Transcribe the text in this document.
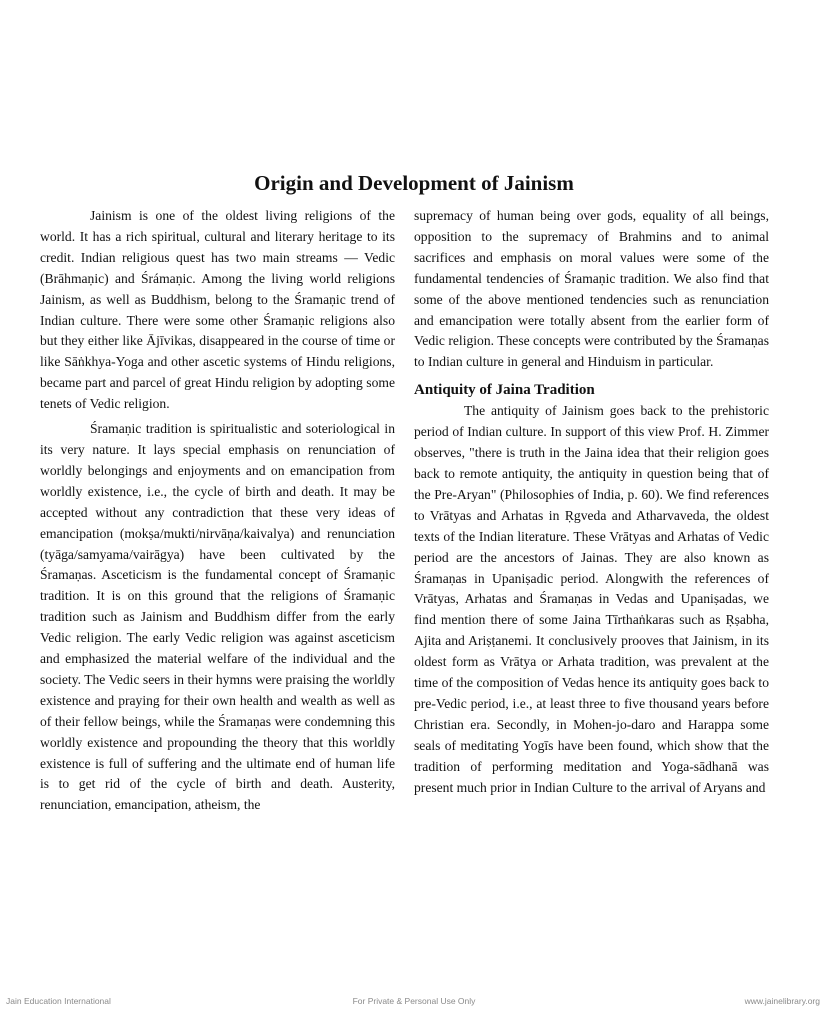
Origin and Development of Jainism

Jainism is one of the oldest living religions of the world. It has a rich spiritual, cultural and literary heritage to its credit. Indian religious quest has two main streams — Vedic (Brāhmaṇic) and Śrámaṇic. Among the living world religions Jainism, as well as Buddhism, belong to the Śramaṇic trend of Indian culture. There were some other Śramaṇic religions also but they either like Ājīvikas, disappeared in the course of time or like Sāṅkhya-Yoga and other ascetic systems of Hindu religions, became part and parcel of great Hindu religion by adopting some tenets of Vedic religion.

Śramaṇic tradition is spiritualistic and soteriological in its very nature. It lays special emphasis on renunciation of worldly belongings and enjoyments and on emancipation from worldly existence, i.e., the cycle of birth and death. It may be accepted without any contradiction that these very ideas of emancipation (mokṣa/mukti/nirvāṇa/kaivalya) and renunciation (tyāga/samyama/vairāgya) have been cultivated by the Śramaṇas. Asceticism is the fundamental concept of Śramaṇic tradition. It is on this ground that the religions of Śramaṇic tradition such as Jainism and Buddhism differ from the early Vedic religion. The early Vedic religion was against asceticism and emphasized the material welfare of the individual and the society. The Vedic seers in their hymns were praising the worldly existence and praying for their own health and wealth as well as of their fellow beings, while the Śramaṇas were condemning this worldly existence and propounding the theory that this worldly existence is full of suffering and the ultimate end of human life is to get rid of the cycle of birth and death. Austerity, renunciation, emancipation, atheism, the

supremacy of human being over gods, equality of all beings, opposition to the supremacy of Brahmins and to animal sacrifices and emphasis on moral values were some of the fundamental tendencies of Śramaṇic tradition. We also find that some of the above mentioned tendencies such as renunciation and emancipation were totally absent from the earlier form of Vedic religion. These concepts were contributed by the Śramaṇas to Indian culture in general and Hinduism in particular.

Antiquity of Jaina Tradition

The antiquity of Jainism goes back to the prehistoric period of Indian culture. In support of this view Prof. H. Zimmer observes, "there is truth in the Jaina idea that their religion goes back to remote antiquity, the antiquity in question being that of the Pre-Aryan" (Philosophies of India, p. 60). We find references to Vrātyas and Arhatas in Ṛgveda and Atharvaveda, the oldest texts of the Indian literature. These Vrātyas and Arhatas of Vedic period are the ancestors of Jainas. They are also known as Śramaṇas in Upaniṣadic period. Alongwith the references of Vrātyas, Arhatas and Śramaṇas in Vedas and Upaniṣadas, we find mention there of some Jaina Tīrthaṅkaras such as Ṛṣabha, Ajita and Ariṣṭanemi. It conclusively prooves that Jainism, in its oldest form as Vrātya or Arhata tradition, was prevalent at the time of the composition of Vedas hence its antiquity goes back to pre-Vedic period, i.e., at least three to five thousand years before Christian era. Secondly, in Mohen-jo-daro and Harappa some seals of meditating Yogīs have been found, which show that the tradition of performing meditation and Yoga-sādhanā was present much prior in Indian Culture to the arrival of Aryans and

Jain Education International	For Private & Personal Use Only	www.jainelibrary.org
